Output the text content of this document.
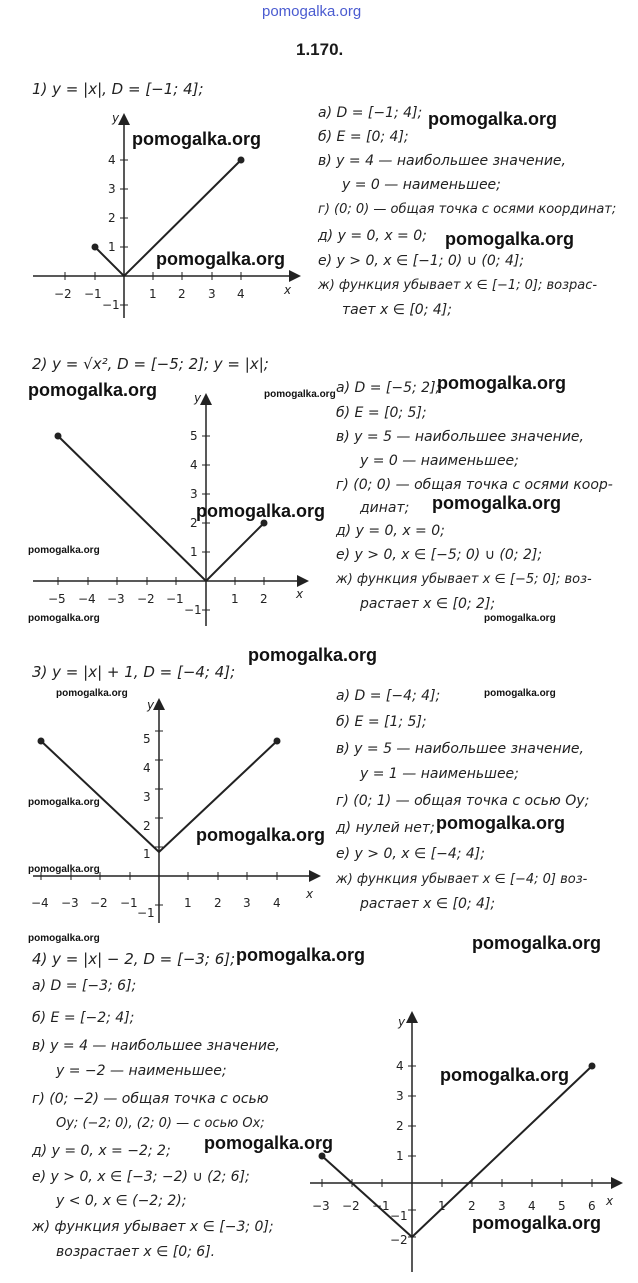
pomogalka.org
1.170.
1) y = |x|, D = [−1; 4];
x
y
−2 −1	1 2 3 4
1
2
3
4
−1
а) D = [−1; 4];
б) E = [0; 4];
в) y = 4 — наибольшее значение,
y = 0 — наименьшее;
г) (0; 0) — общая точка с осями координат;
д) y = 0, x = 0;
е) y > 0, x ∈ [−1; 0) ∪ (0; 4];
ж) функция убывает x ∈ [−1; 0]; возрас-
тает x ∈ [0; 4];
2) y = √x², D = [−5; 2]; y = |x|;
x
y
−5 −4 −3 −2 −1	1 2
1
2
3
4
5
−1
а) D = [−5; 2];
б) E = [0; 5];
в) y = 5 — наибольшее значение,
y = 0 — наименьшее;
г) (0; 0) — общая точка с осями коор-
динат;
д) y = 0, x = 0;
е) y > 0, x ∈ [−5; 0) ∪ (0; 2];
ж) функция убывает x ∈ [−5; 0]; воз-
растает x ∈ [0; 2];
3) y = |x| + 1, D = [−4; 4];
x
y
−4 −3 −2 −1	1 2 3 4
1
2
3
4
5
−1
а) D = [−4; 4];
б) E = [1; 5];
в) y = 5 — наибольшее значение,
y = 1 — наименьшее;
г) (0; 1) — общая точка с осью Oy;
д) нулей нет;
е) y > 0, x ∈ [−4; 4];
ж) функция убывает x ∈ [−4; 0] воз-
растает x ∈ [0; 4];
4) y = |x| − 2, D = [−3; 6];
а) D = [−3; 6];
б) E = [−2; 4];
в) y = 4 — наибольшее значение,
y = −2 — наименьшее;
г) (0; −2) — общая точка с осью
Oy; (−2; 0), (2; 0) — с осью Ox;
д) y = 0, x = −2; 2;
е) y > 0, x ∈ [−3; −2) ∪ (2; 6];
y < 0, x ∈ (−2; 2);
ж) функция убывает x ∈ [−3; 0];
возрастает x ∈ [0; 6].
x
y
−3 −2 −1	1 2 3 4 5 6
1
2
3
4
−1
−2
pomogalka.org
pomogalka.org
pomogalka.org
pomogalka.org
pomogalka.org
pomogalka.org	pomogalka.org
pomogalka.org
pomogalka.org
pomogalka.org
pomogalka.org	pomogalka.org
pomogalka.org
pomogalka.org	pomogalka.org
pomogalka.org
pomogalka.org
pomogalka.org
pomogalka.org
pomogalka.org	pomogalka.org
pomogalka.org
pomogalka.org
pomogalka.org
pomogalka.org
